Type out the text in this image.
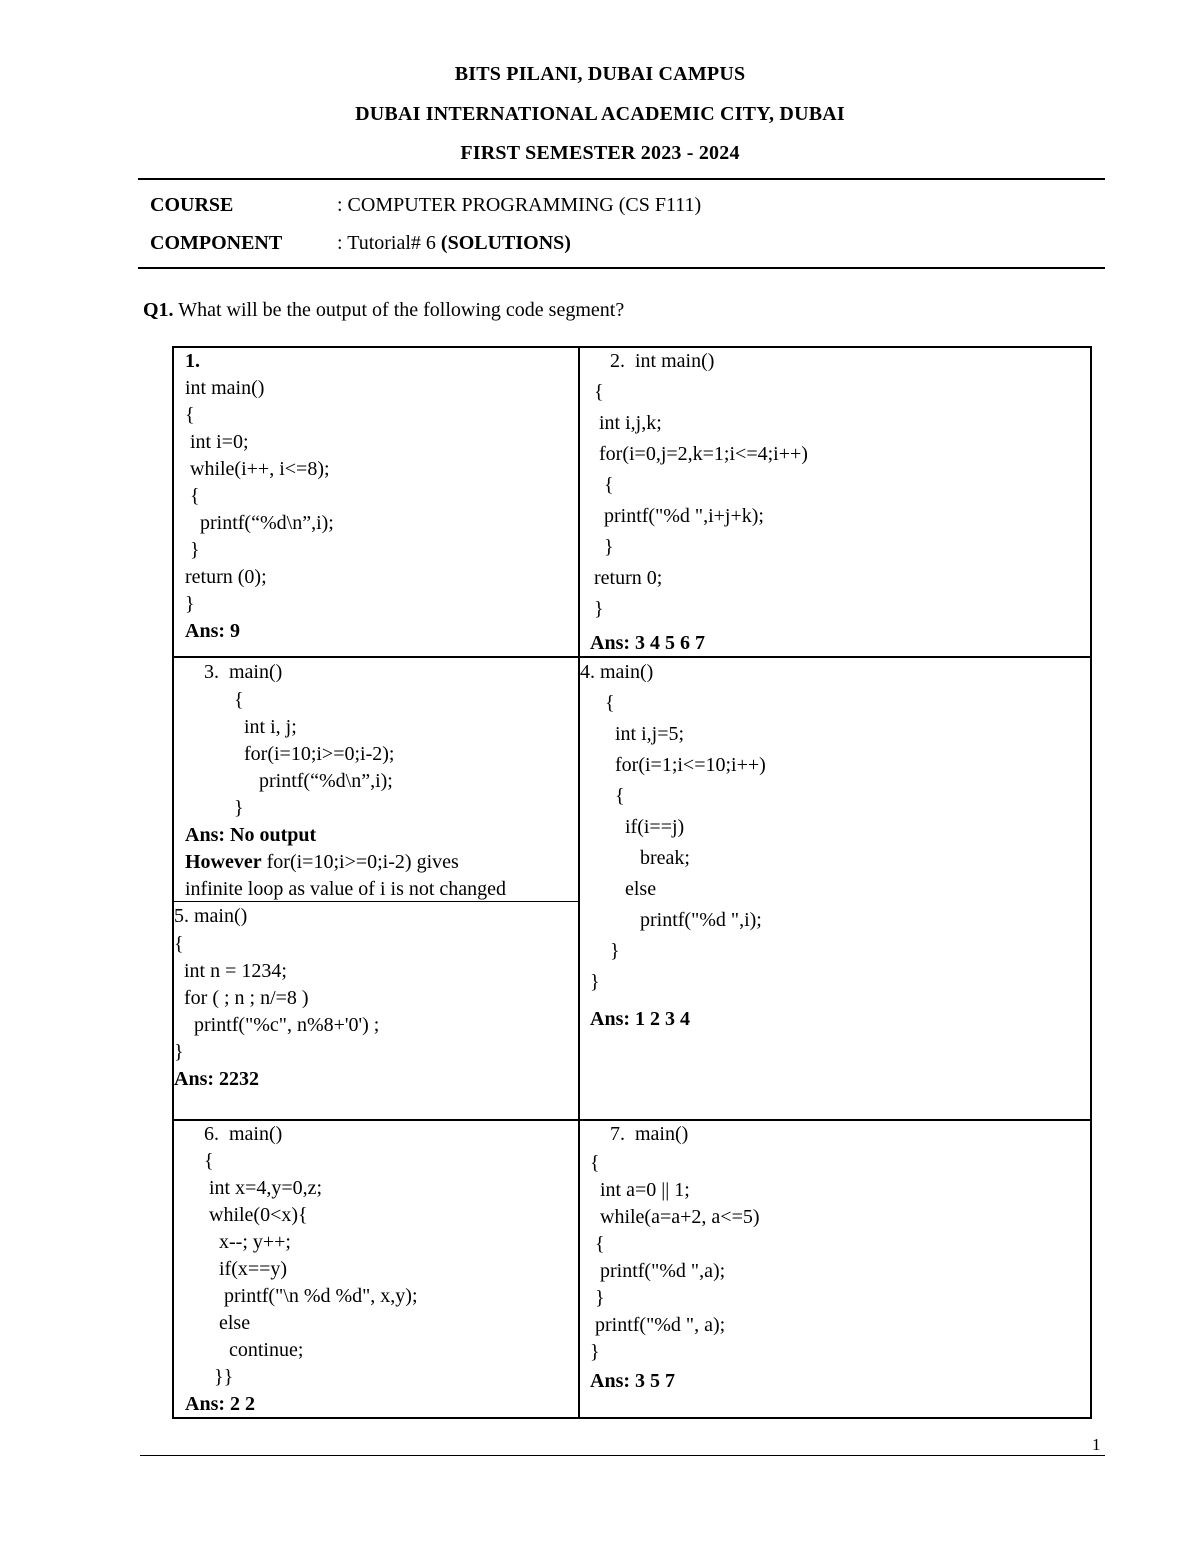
BITS PILANI, DUBAI CAMPUS
DUBAI INTERNATIONAL ACADEMIC CITY, DUBAI
FIRST SEMESTER 2023 - 2024
COURSE	: COMPUTER PROGRAMMING (CS F111)
COMPONENT	: Tutorial# 6 (SOLUTIONS)
Q1. What will be the output of the following code segment?
1.
int main()
{
int i=0;
while(i++, i<=8);
{
printf(“%d\n”,i);
}
return (0);
}
Ans: 9
2.  int main()
{
int i,j,k;
for(i=0,j=2,k=1;i<=4;i++)
{
printf("%d ",i+j+k);
}
return 0;
}
Ans: 3 4 5 6 7
3.  main()
{
int i, j;
for(i=10;i>=0;i-2);
printf(“%d\n”,i);
}
Ans: No output
However for(i=10;i>=0;i-2) gives
infinite loop as value of i is not changed
4. main()
{
int i,j=5;
for(i=1;i<=10;i++)
{
if(i==j)
break;
else
printf("%d ",i);
}
}
Ans: 1 2 3 4
5. main()
{
int n = 1234;
for ( ; n ; n/=8 )
printf("%c", n%8+'0') ;
}
Ans: 2232
6.  main()
{
int x=4,y=0,z;
while(0<x){
x--; y++;
if(x==y)
printf("\n %d %d", x,y);
else
continue;
}}
Ans: 2 2
7.  main()
{
int a=0 || 1;
while(a=a+2, a<=5)
{
printf("%d ",a);
}
printf("%d ", a);
}
Ans: 3 5 7
1
